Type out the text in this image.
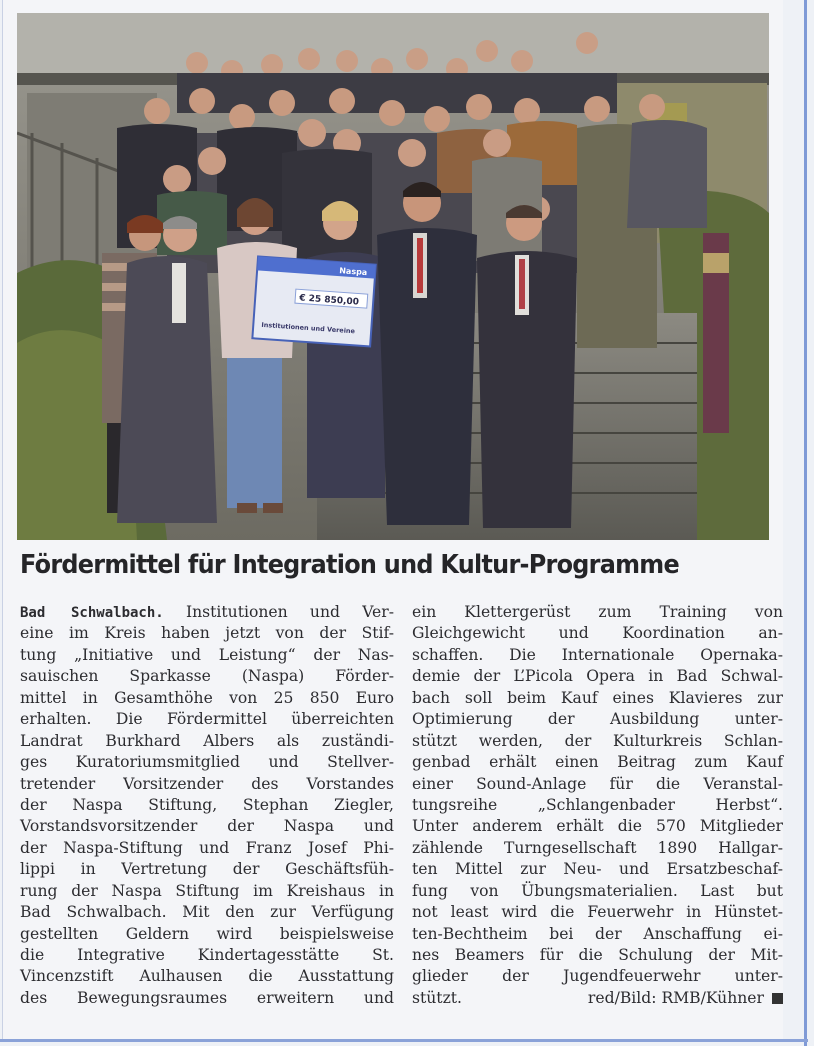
Naspa
€ 25 850,00
Institutionen und Vereine
Fördermittel für Integration und Kultur-Programme
Bad Schwalbach. Institutionen und Ver-
eine im Kreis haben jetzt von der Stif-
tung „Initiative und Leistung“ der Nas-
sauischen Sparkasse (Naspa) Förder-
mittel in Gesamthöhe von 25 850 Euro
erhalten. Die Fördermittel überreichten
Landrat Burkhard Albers als zuständi-
ges Kuratoriumsmitglied und Stellver-
tretender Vorsitzender des Vorstandes
der Naspa Stiftung, Stephan Ziegler,
Vorstandsvorsitzender der Naspa und
der Naspa-Stiftung und Franz Josef Phi-
lippi in Vertretung der Geschäftsfüh-
rung der Naspa Stiftung im Kreishaus in
Bad Schwalbach. Mit den zur Verfügung
gestellten Geldern wird beispielsweise
die Integrative Kindertagesstätte St.
Vincenzstift Aulhausen die Ausstattung
des Bewegungsraumes erweitern und
ein Klettergerüst zum Training von
Gleichgewicht und Koordination an-
schaffen. Die Internationale Opernaka-
demie der L’Picola Opera in Bad Schwal-
bach soll beim Kauf eines Klavieres zur
Optimierung der Ausbildung unter-
stützt werden, der Kulturkreis Schlan-
genbad erhält einen Beitrag zum Kauf
einer Sound-Anlage für die Veranstal-
tungsreihe „Schlangenbader Herbst“.
Unter anderem erhält die 570 Mitglieder
zählende Turngesellschaft 1890 Hallgar-
ten Mittel zur Neu- und Ersatzbeschaf-
fung von Übungsmaterialien. Last but
not least wird die Feuerwehr in Hünstet-
ten-Bechtheim bei der Anschaffung ei-
nes Beamers für die Schulung der Mit-
glieder der Jugendfeuerwehr unter-
stützt.	red/Bild: RMB/Kühner
